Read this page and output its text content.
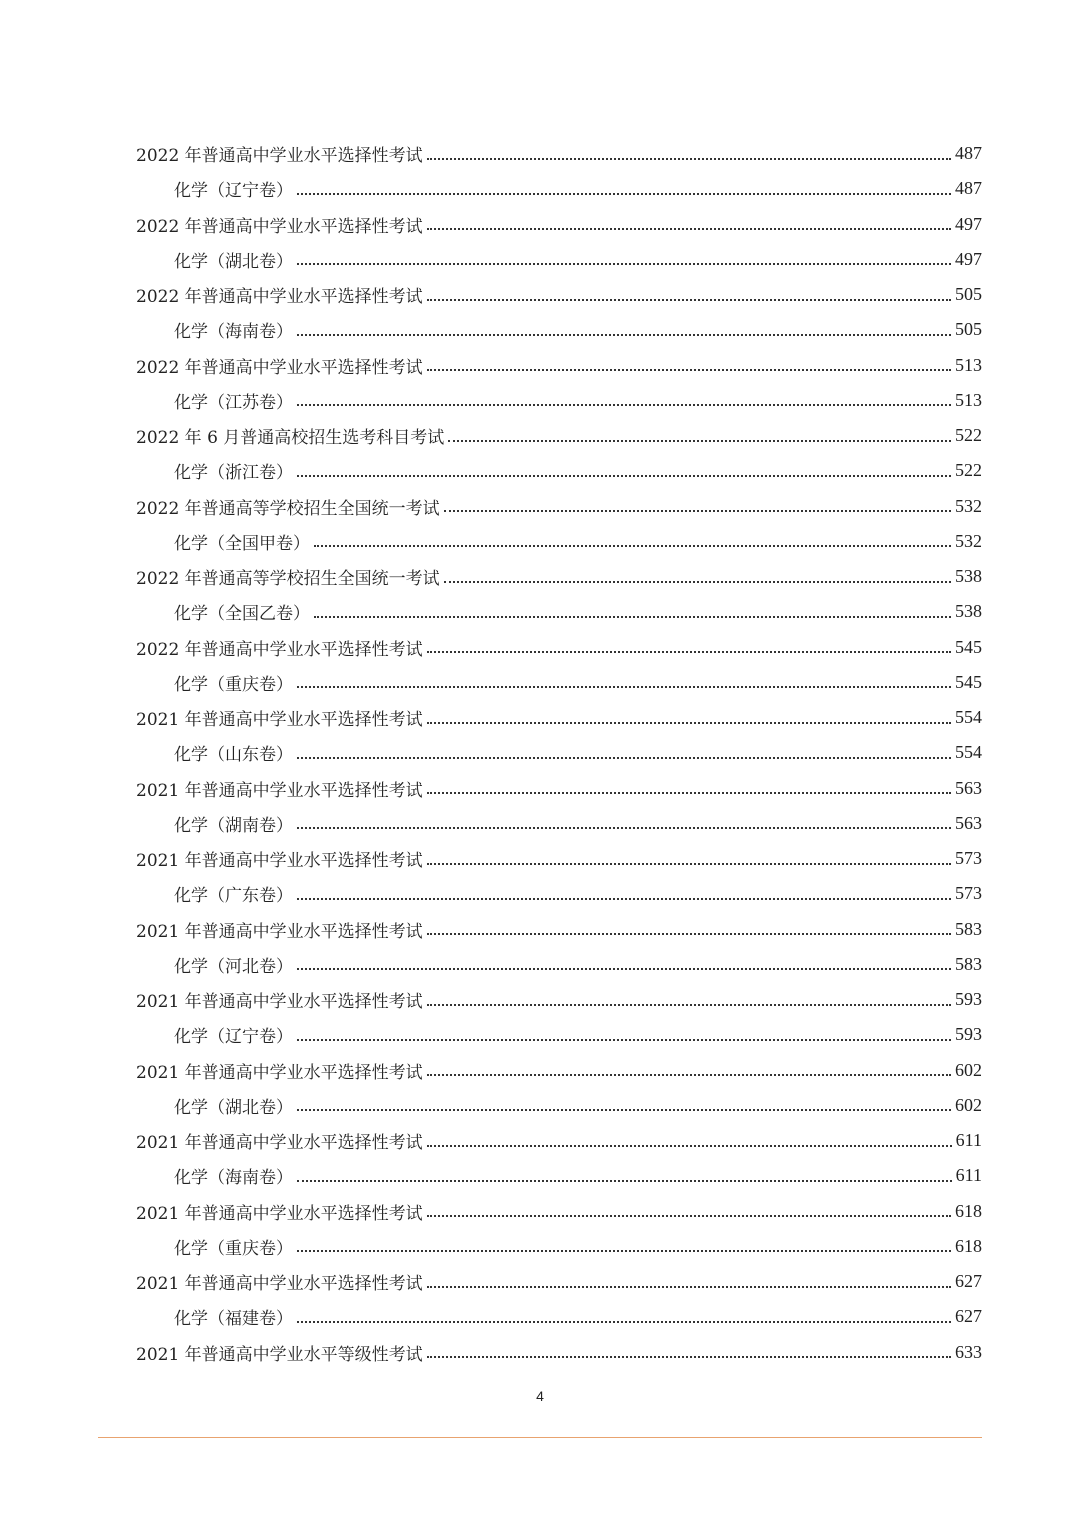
2022 年普通高中学业水平选择性考试	487
化学（辽宁卷）	487
2022 年普通高中学业水平选择性考试	497
化学（湖北卷）	497
2022 年普通高中学业水平选择性考试	505
化学（海南卷）	505
2022 年普通高中学业水平选择性考试	513
化学（江苏卷）	513
2022 年 6 月普通高校招生选考科目考试	522
化学（浙江卷）	522
2022 年普通高等学校招生全国统一考试	532
化学（全国甲卷）	532
2022 年普通高等学校招生全国统一考试	538
化学（全国乙卷）	538
2022 年普通高中学业水平选择性考试	545
化学（重庆卷）	545
2021 年普通高中学业水平选择性考试	554
化学（山东卷）	554
2021 年普通高中学业水平选择性考试	563
化学（湖南卷）	563
2021 年普通高中学业水平选择性考试	573
化学（广东卷）	573
2021 年普通高中学业水平选择性考试	583
化学（河北卷）	583
2021 年普通高中学业水平选择性考试	593
化学（辽宁卷）	593
2021 年普通高中学业水平选择性考试	602
化学（湖北卷）	602
2021 年普通高中学业水平选择性考试	611
化学（海南卷）	611
2021 年普通高中学业水平选择性考试	618
化学（重庆卷）	618
2021 年普通高中学业水平选择性考试	627
化学（福建卷）	627
2021 年普通高中学业水平等级性考试	633
4
